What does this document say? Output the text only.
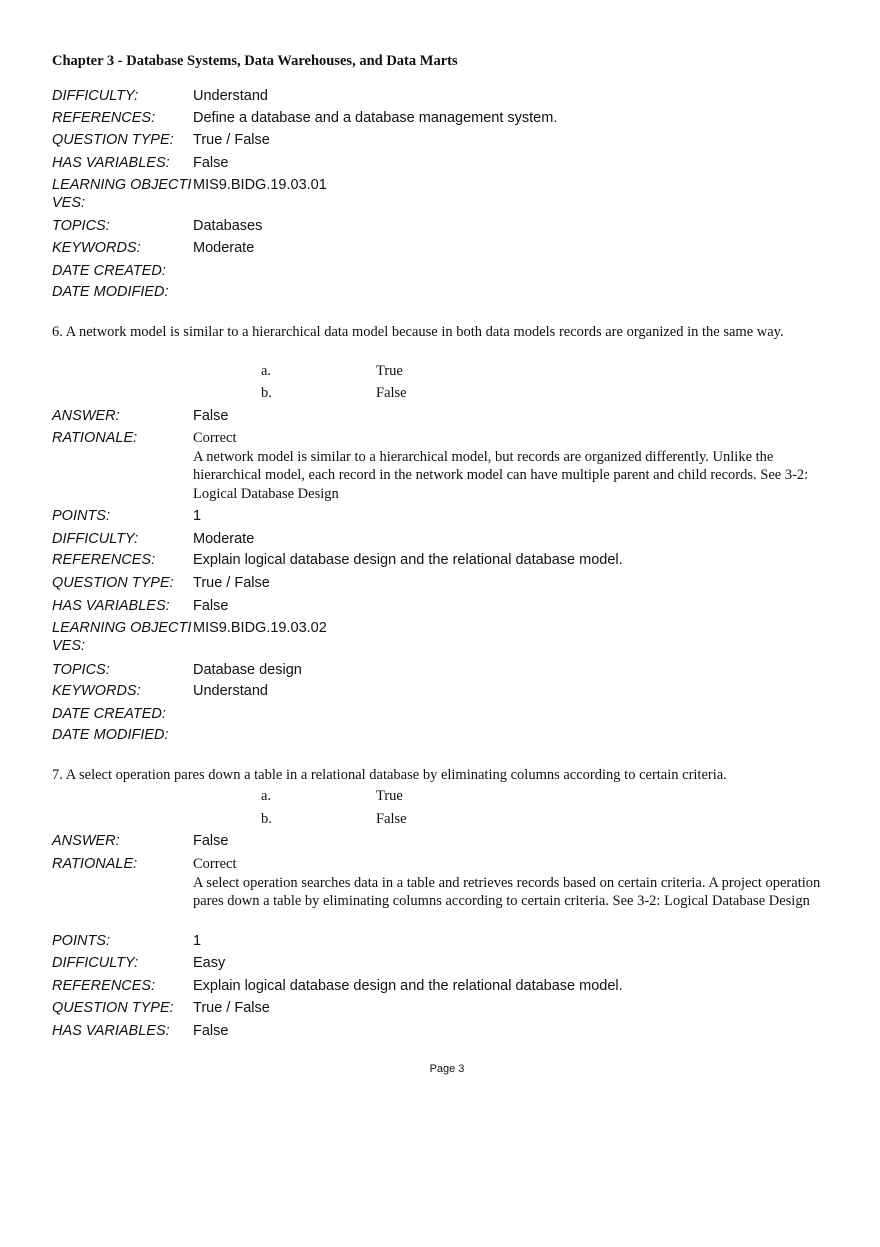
Chapter 3 - Database Systems, Data Warehouses, and Data Marts
DIFFICULTY:	Understand
REFERENCES:	Define a database and a database management system.
QUESTION TYPE: True / False
HAS VARIABLES: False
LEARNING OBJECTIVES:
MIS9.BIDG.19.03.01
TOPICS:	Databases
KEYWORDS:	Moderate
DATE CREATED:
DATE MODIFIED:
6. A network model is similar to a hierarchical data model because in both data models records are organized in the same way.
a.	True
b.	False
ANSWER:	False
RATIONALE:	Correct
A network model is similar to a hierarchical model, but records are organized differently. Unlike the hierarchical model, each record in the network model can have multiple parent and child records. See 3-2: Logical Database Design
POINTS:	1
DIFFICULTY:	Moderate
REFERENCES:	Explain logical database design and the relational database model.
QUESTION TYPE: True / False
HAS VARIABLES: False
LEARNING OBJECTIVES:
MIS9.BIDG.19.03.02
TOPICS:	Database design
KEYWORDS:	Understand
DATE CREATED:
DATE MODIFIED:
7. A select operation pares down a table in a relational database by eliminating columns according to certain criteria.
a.	True
b.	False
ANSWER:	False
RATIONALE:	Correct
A select operation searches data in a table and retrieves records based on certain criteria. A project operation pares down a table by eliminating columns according to certain criteria. See 3-2: Logical Database Design
POINTS:	1
DIFFICULTY:	Easy
REFERENCES:	Explain logical database design and the relational database model.
QUESTION TYPE: True / False
HAS VARIABLES: False
Page 3
